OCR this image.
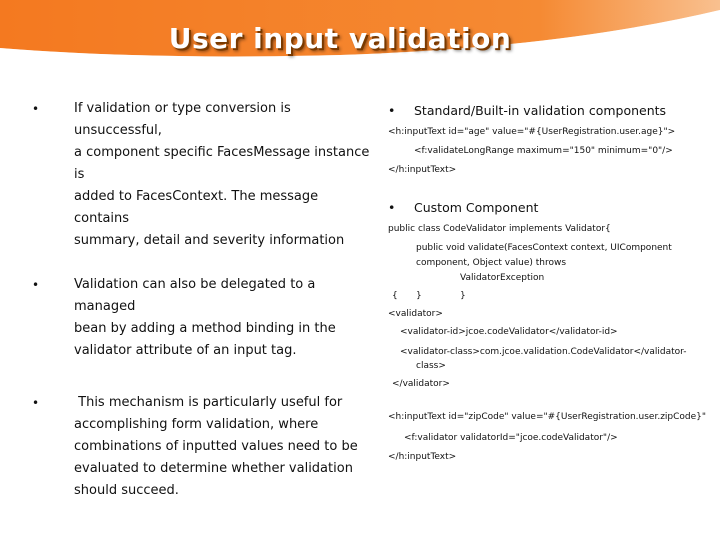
User input validation
•	If validation or type conversion is unsuccessful,
a component specific FacesMessage instance is
added to FacesContext. The message contains
summary, detail and severity information
•	Validation can also be delegated to a managed
bean by adding a method binding in the
validator attribute of an input tag.
•	This mechanism is particularly useful for
accomplishing form validation, where
combinations of inputted values need to be
evaluated to determine whether validation
should succeed.
• Standard/Built-in validation components
<h:inputText id="age" value="#{UserRegistration.user.age}">
<f:validateLongRange maximum="150" minimum="0"/>
</h:inputText>
• Custom Component
public class CodeValidator implements Validator{
public void validate(FacesContext context, UIComponent
component, Object value) throws
ValidatorException
{ }	}
<validator>
<validator-id>jcoe.codeValidator</validator-id>
<validator-class>com.jcoe.validation.CodeValidator</validator-
class>
</validator>
<h:inputText id="zipCode" value="#{UserRegistration.user.zipCode}"
<f:validator validatorId="jcoe.codeValidator"/>
</h:inputText>
